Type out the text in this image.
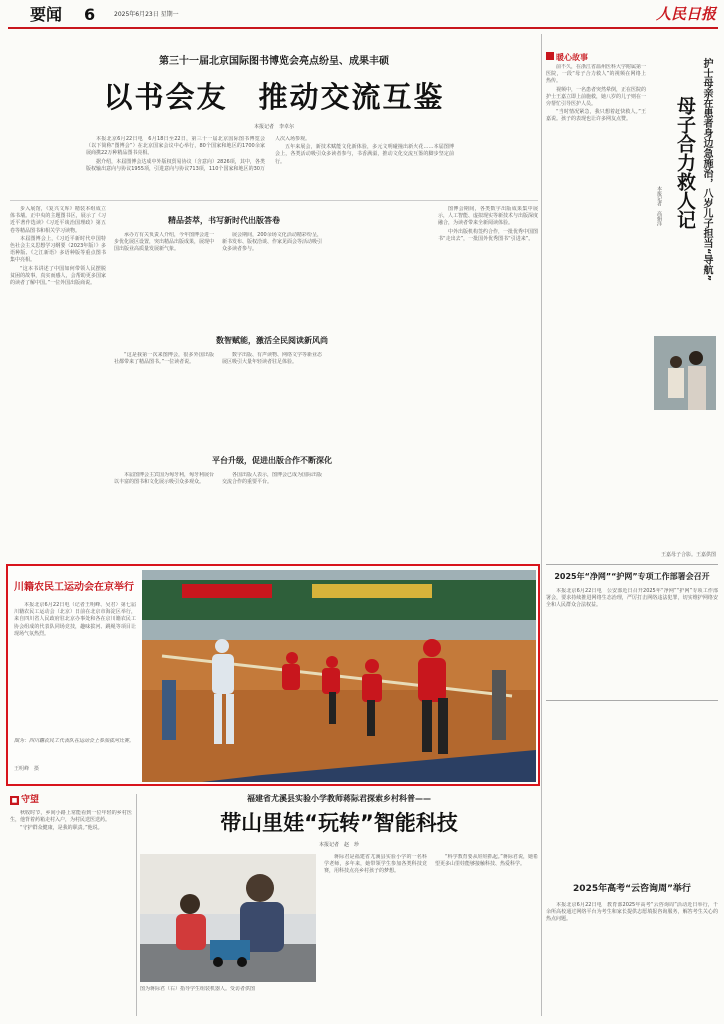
要闻 6	2025年6月23日 星期一	人民日报
第三十一届北京国际图书博览会亮点纷呈、成果丰硕
以书会友　推动交流互鉴
本报记者　李卓尔

本报北京6月22日电　6月18日至22日，第三十一届北京国际图书博览会（以下简称“图博会”）在北京国家会议中心举行，80个国家和地区的1700余家展商携22万种精品图书亮相。

据介绍，本届图博会达成中外版权贸易协议（含意向）2826项，其中，各类版权输出意向与协议1955项，引进意向与协议713项，110个国家和地区的30万人次入场参观。

五年来展会，新技术赋能文化新体验，多元文明碰撞出新火花……本届图博会上，各类活动吸引众多读者参与，书香满溢，推动文化交流互鉴的脚步坚定前行。

步入展馆，《复兴文库》精装本组成立体书墙。正中央的主题图书区，展示了《习近平著作选读》《习近平谈治国理政》第五卷等精品图书和相关学习读物。

本届图博会上，《习近平新时代中国特色社会主义思想学习纲要（2023年版）》多语种版、《之江新语》多语种版等重点图书集中亮相。

“这本书讲述了中国如何带领人民摆脱贫困的故事，真实而感人，会帮助更多国家的读者了解中国。”一位外国出版商说。

精品荟萃，书写新时代出版答卷

承办方有关负责人介绍，今年图博会进一步优化展区设置，突出精品出版成果，展现中国出版业高质量发展新气象。

展会期间，200余场文化活动精彩纷呈，新书发布、版权洽谈、作家见面会等活动吸引众多读者参与。

图博会期间，各类数字出版成果集中展示，人工智能、虚拟现实等新技术与出版深度融合，为读者带来全新阅读体验。

中外出版机构签约合作，一批优秀中国图书“走出去”，一批国外优秀图书“引进来”。

数智赋能，激活全民阅读新风尚

“这是我第一次来图博会，很多外国出版社都带来了精品图书。”一位读者说。

数字出版、有声读物、网络文学等新业态展区吸引大量年轻读者驻足体验。

平台升级，促进出版合作不断深化

本届图博会主宾国为匈牙利，匈牙利展台以丰富的图书和文化展示吸引众多观众。

各国出版人表示，图博会已成为国际出版交流合作的重要平台。

川籍农民工运动会在京举行
本报北京6月22日电（记者王明峰、吴君）第七届川籍农民工运动会（北京）日前在北京市海淀区举行，来自四川省人民政府驻北京办事处和各在京川籍农民工协会组成的代表队同场竞技，趣味拔河、跳绳等项目让现场气氛热烈。
图为：四川籍农民工代表队在运动会上参加拔河比赛。
王明峰　摄
■ 守望

秋收时节，乡间小路上常能看到一位年轻的乡村医生，他背着药箱走村入户，为村民送医送药。

“守护群众健康，是我的职责。”他说。

福建省尤溪县实验小学教师蒋际君探索乡村科普——
带山里娃“玩转”智能科技
本报记者　赵　珍
图为蒋际君（右）指导学生组装机器人。受访者供图

蒋际君是福建省尤溪县实验小学的一名科学老师，多年来，她带领学生参加各类科技竞赛，用科技点亮乡村孩子的梦想。

“科学教育要从娃娃抓起。”蒋际君说，她希望更多山里娃能够接触科技、热爱科学。

暖心故事

前不久，在浙江省温州医科大学附属第一医院，一段“母子合力救人”的视频在网络上热传。

视频中，一名患者突然晕倒，正在医院的护士王嘉立即上前施救，她八岁的儿子则在一旁帮忙引导医护人员。

“当时情况紧急，我只想着赶快救人。”王嘉说。孩子的表现也让许多网友点赞。	护士母亲在患者身边急施治，八岁儿子担当“导航”
母子合力救人记
本报记者　高娟洋
王嘉母子合影。王嘉供图
2025年“净网”“护网”专项工作部署会召开
本报北京6月22日电　公安部近日召开2025年“净网”“护网”专项工作部署会，要求持续推进网络生态治理，严厉打击网络违法犯罪，切实维护网络安全和人民群众合法权益。
2025年高考“云咨询周”举行
本报北京6月22日电　教育部2025年高考“云咨询周”活动近日举行，千余所高校通过网络平台为考生和家长提供志愿填报咨询服务，解答考生关心的热点问题。
